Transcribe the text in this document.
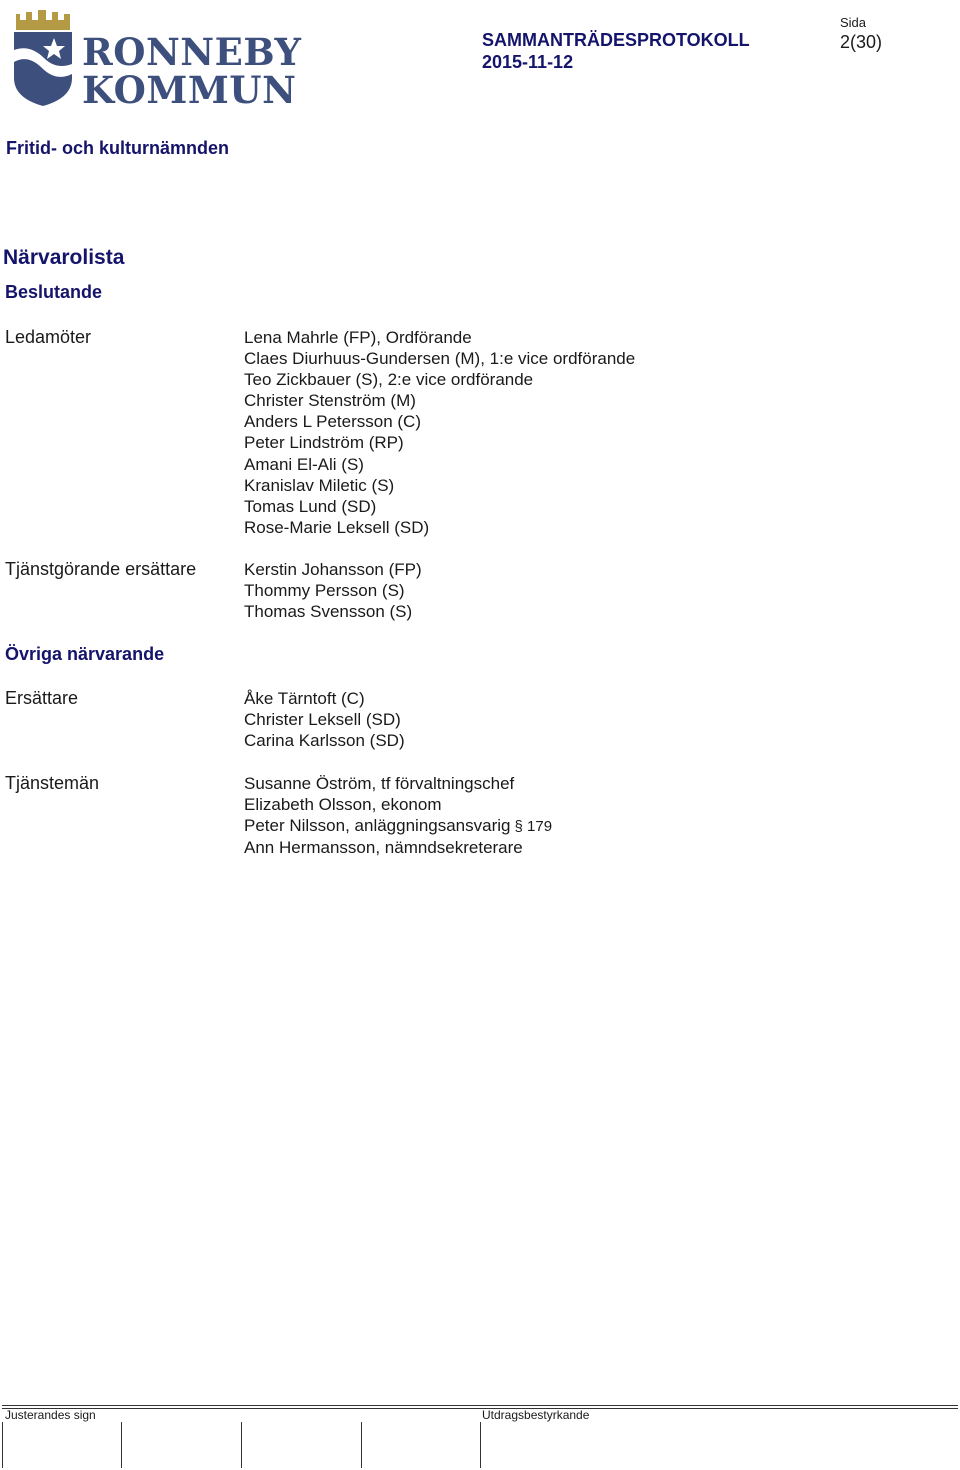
RONNEBY
KOMMUN
SAMMANTRÄDESPROTOKOLL
2015-11-12
Sida
2(30)
Fritid- och kulturnämnden
Närvarolista
Beslutande
Ledamöter	Lena Mahrle (FP), Ordförande
Claes Diurhuus-Gundersen (M), 1:e vice ordförande
Teo Zickbauer (S), 2:e vice ordförande
Christer Stenström (M)
Anders L Petersson (C)
Peter Lindström (RP)
Amani El-Ali (S)
Kranislav Miletic (S)
Tomas Lund (SD)
Rose-Marie Leksell (SD)
Tjänstgörande ersättare	Kerstin Johansson (FP)
Thommy Persson (S)
Thomas Svensson (S)
Övriga närvarande
Ersättare	Åke Tärntoft (C)
Christer Leksell (SD)
Carina Karlsson (SD)
Tjänstemän	Susanne Öström, tf förvaltningschef
Elizabeth Olsson, ekonom
Peter Nilsson, anläggningsansvarig § 179
Ann Hermansson, nämndsekreterare
Justerandes sign	Utdragsbestyrkande
